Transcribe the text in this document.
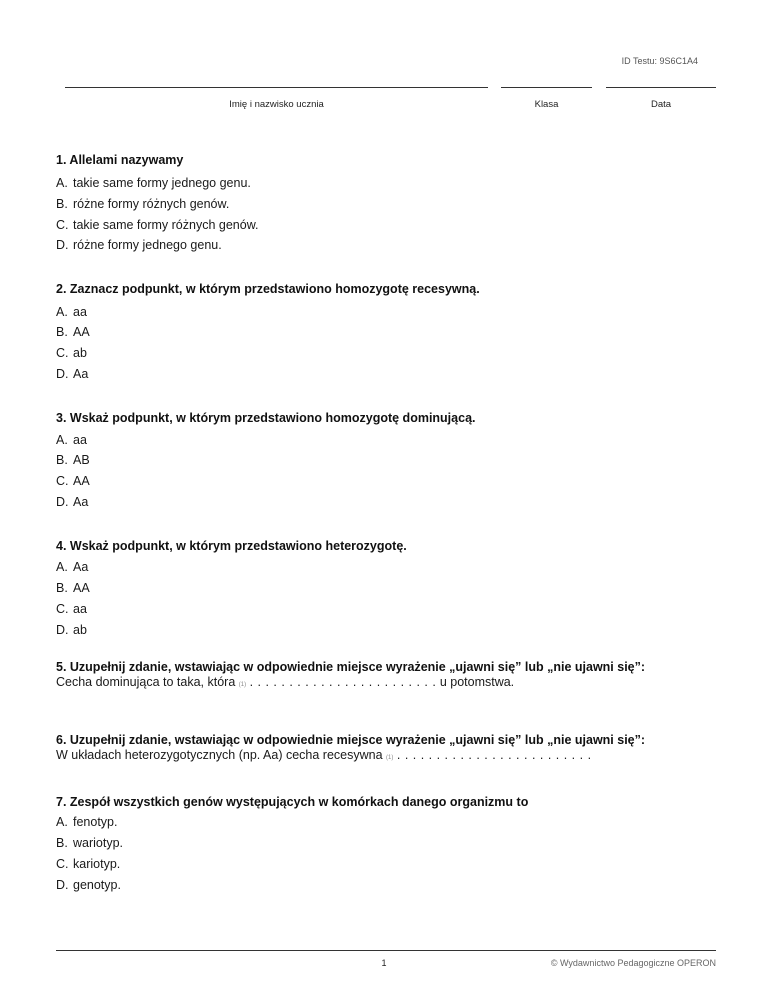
ID Testu: 9S6C1A4
Imię i nazwisko ucznia	Klasa	Data
1. Allelami nazywamy
A. takie same formy jednego genu.
B. różne formy różnych genów.
C. takie same formy różnych genów.
D. różne formy jednego genu.
2. Zaznacz podpunkt, w którym przedstawiono homozygotę recesywną.
A. aa
B. AA
C. ab
D. Aa
3. Wskaż podpunkt, w którym przedstawiono homozygotę dominującą.
A. aa
B. AB
C. AA
D. Aa
4. Wskaż podpunkt, w którym przedstawiono heterozygotę.
A. Aa
B. AA
C. aa
D. ab
5. Uzupełnij zdanie, wstawiając w odpowiednie miejsce wyrażenie „ujawni się” lub „nie ujawni się”:
Cecha dominująca to taka, która (1) . . . . . . . . . . . . . . . . . . . . . . . . u potomstwa.
6. Uzupełnij zdanie, wstawiając w odpowiednie miejsce wyrażenie „ujawni się” lub „nie ujawni się”:
W układach heterozygotycznych (np. Aa) cecha recesywna (1) . . . . . . . . . . . . . . . . . . . . . . . . .
7. Zespół wszystkich genów występujących w komórkach danego organizmu to
A. fenotyp.
B. wariotyp.
C. kariotyp.
D. genotyp.
1	© Wydawnictwo Pedagogiczne OPERON
